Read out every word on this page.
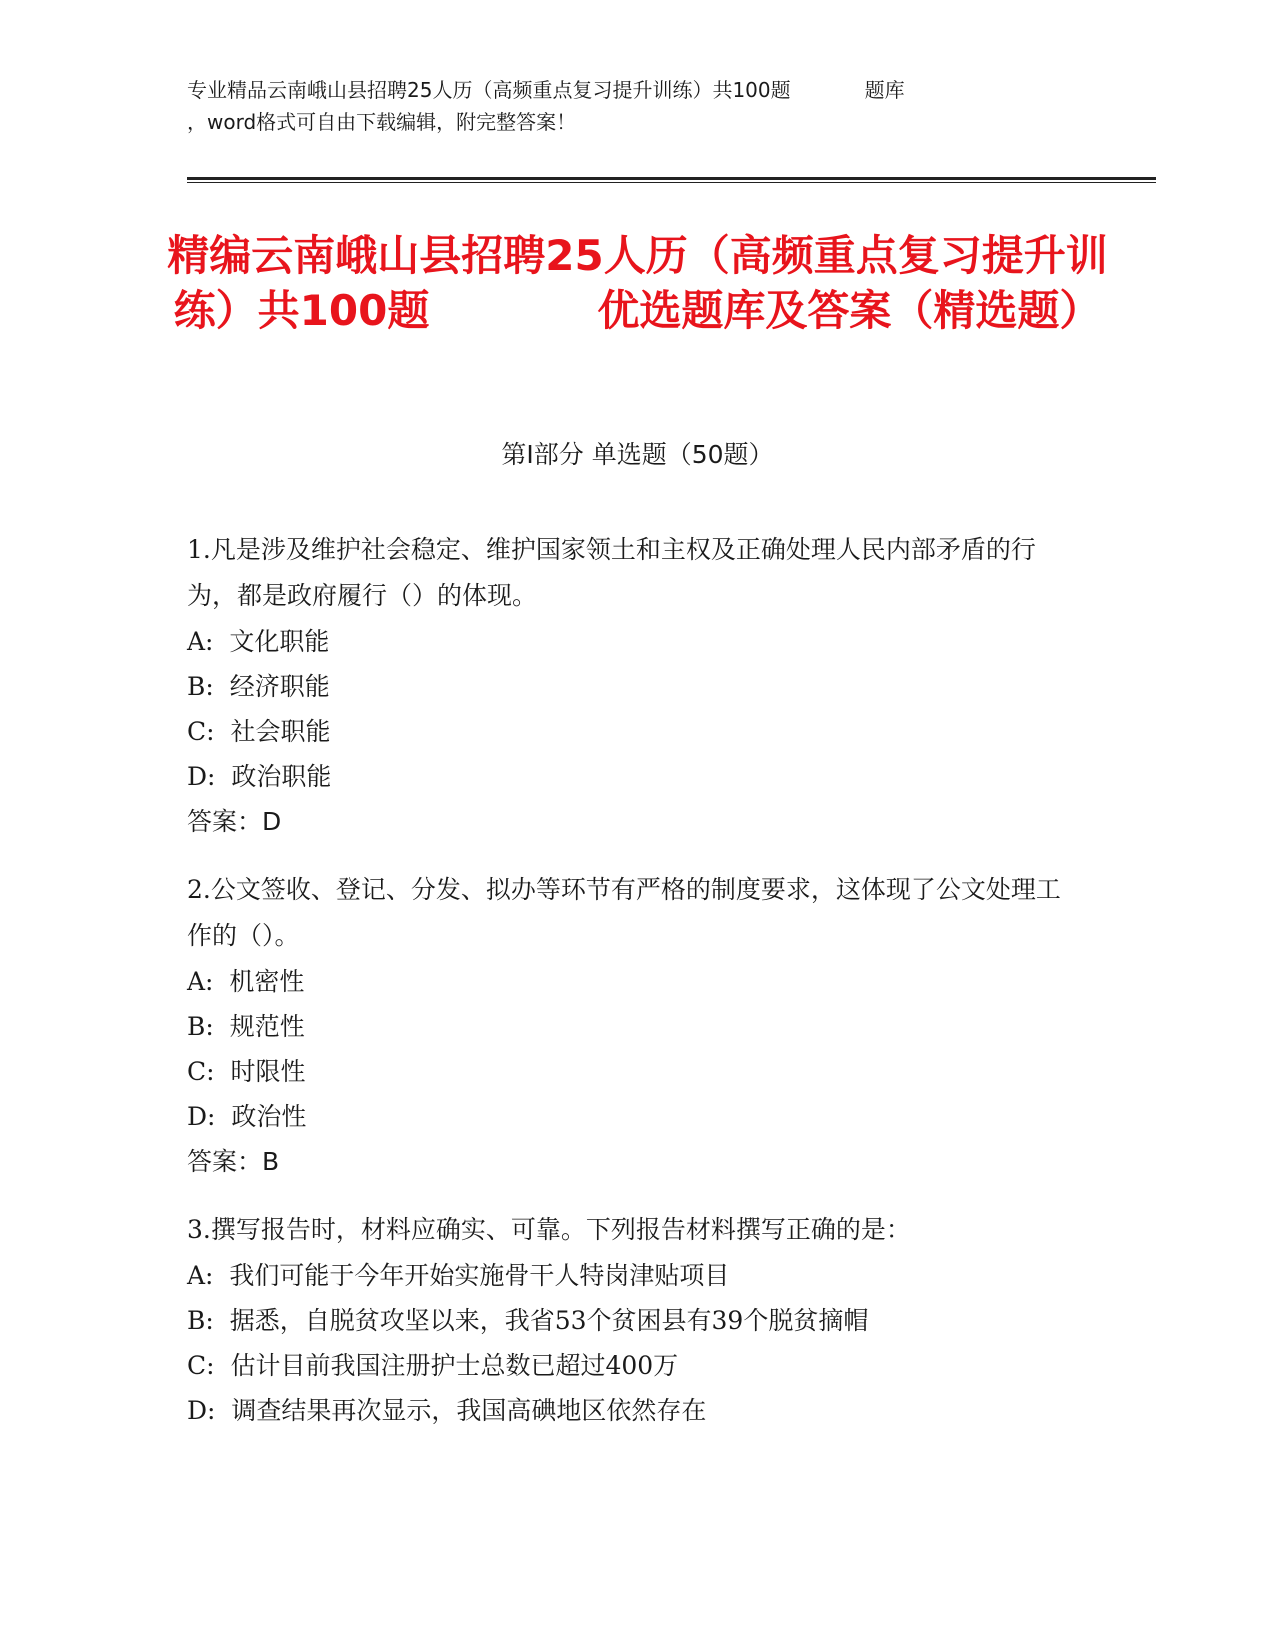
专业精品云南峨山县招聘25人历（高频重点复习提升训练）共100题	题库
，word格式可自由下载编辑，附完整答案！
精编云南峨山县招聘25人历（高频重点复习提升训练）共100题　　　　优选题库及答案（精选题）
第Ⅰ部分 单选题（50题）
1.凡是涉及维护社会稳定、维护国家领土和主权及正确处理人民内部矛盾的行为，都是政府履行（）的体现。
A:  文化职能
B:  经济职能
C:  社会职能
D:  政治职能
答案：D
2.公文签收、登记、分发、拟办等环节有严格的制度要求，这体现了公文处理工作的（）。
A:  机密性
B:  规范性
C:  时限性
D:  政治性
答案：B
3.撰写报告时，材料应确实、可靠。下列报告材料撰写正确的是：
A:  我们可能于今年开始实施骨干人特岗津贴项目
B:  据悉，自脱贫攻坚以来，我省53个贫困县有39个脱贫摘帽
C:  估计目前我国注册护士总数已超过400万
D:  调查结果再次显示，我国高碘地区依然存在
